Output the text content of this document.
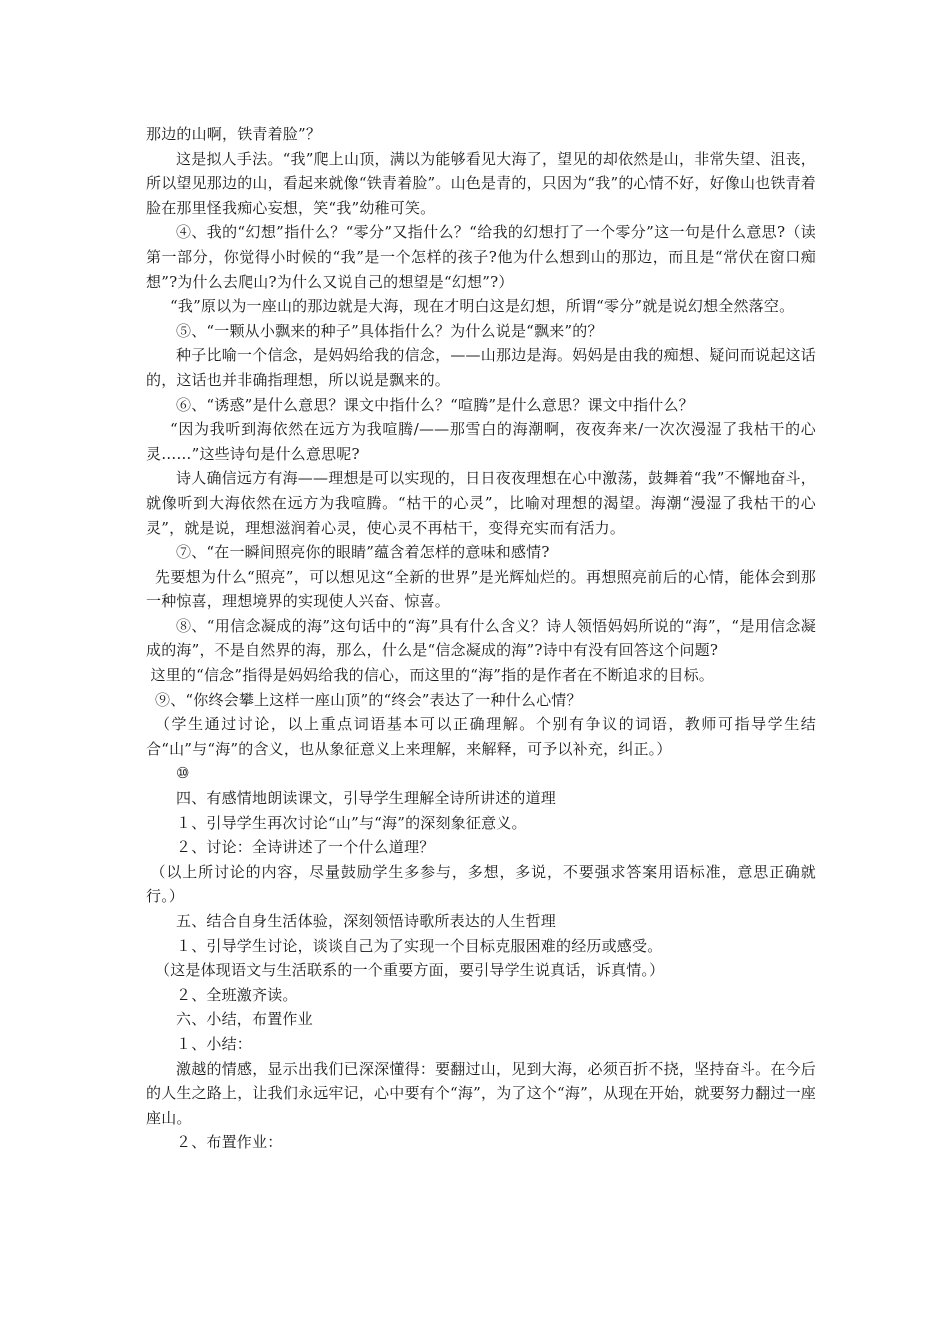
那边的山啊，铁青着脸”？

这是拟人手法。“我”爬上山顶，满以为能够看见大海了，望见的却依然是山，非常失望、沮丧，所以望见那边的山，看起来就像“铁青着脸”。山色是青的，只因为“我”的心情不好，好像山也铁青着脸在那里怪我痴心妄想，笑“我”幼稚可笑。

④、我的“幻想”指什么？“零分”又指什么？“给我的幻想打了一个零分”这一句是什么意思?（读第一部分，你觉得小时候的“我”是一个怎样的孩子?他为什么想到山的那边，而且是“常伏在窗口痴想”?为什么去爬山?为什么又说自己的想望是“幻想”?）

“我”原以为一座山的那边就是大海，现在才明白这是幻想，所谓“零分”就是说幻想全然落空。

⑤、“一颗从小飘来的种子”具体指什么？为什么说是“飘来”的？

种子比喻一个信念，是妈妈给我的信念，——山那边是海。妈妈是由我的痴想、疑问而说起这话的，这话也并非确指理想，所以说是飘来的。

⑥、“诱惑”是什么意思？课文中指什么？“喧腾”是什么意思？课文中指什么？

“因为我听到海依然在远方为我喧腾/——那雪白的海潮啊，夜夜奔来/一次次漫湿了我枯干的心灵……”这些诗句是什么意思呢?

诗人确信远方有海——理想是可以实现的，日日夜夜理想在心中激荡，鼓舞着“我”不懈地奋斗，就像听到大海依然在远方为我喧腾。“枯干的心灵”，比喻对理想的渴望。海潮“漫湿了我枯干的心灵”，就是说，理想滋润着心灵，使心灵不再枯干，变得充实而有活力。

⑦、“在一瞬间照亮你的眼睛”蕴含着怎样的意味和感情?

先要想为什么“照亮”，可以想见这“全新的世界”是光辉灿烂的。再想照亮前后的心情，能体会到那一种惊喜，理想境界的实现使人兴奋、惊喜。

⑧、“用信念凝成的海”这句话中的“海”具有什么含义？诗人领悟妈妈所说的“海”，“是用信念凝成的海”，不是自然界的海，那么，什么是“信念凝成的海”?诗中有没有回答这个问题?

这里的“信念”指得是妈妈给我的信心，而这里的“海”指的是作者在不断追求的目标。

⑨、“你终会攀上这样一座山顶”的“终会”表达了一种什么心情？

（学生通过讨论，以上重点词语基本可以正确理解。个别有争议的词语，教师可指导学生结合“山”与“海”的含义，也从象征意义上来理解，来解释，可予以补充，纠正。）

⑩

四、有感情地朗读课文，引导学生理解全诗所讲述的道理

１、引导学生再次讨论“山”与“海”的深刻象征意义。

２、讨论：全诗讲述了一个什么道理？

（以上所讨论的内容，尽量鼓励学生多参与，多想，多说，不要强求答案用语标准，意思正确就行。）

五、结合自身生活体验，深刻领悟诗歌所表达的人生哲理

１、引导学生讨论，谈谈自己为了实现一个目标克服困难的经历或感受。

（这是体现语文与生活联系的一个重要方面，要引导学生说真话，诉真情。）

２、全班激齐读。

六、小结，布置作业

１、小结：

激越的情感，显示出我们已深深懂得：要翻过山，见到大海，必须百折不挠，坚持奋斗。在今后的人生之路上，让我们永远牢记，心中要有个“海”，为了这个“海”，从现在开始，就要努力翻过一座座山。

２、布置作业：
